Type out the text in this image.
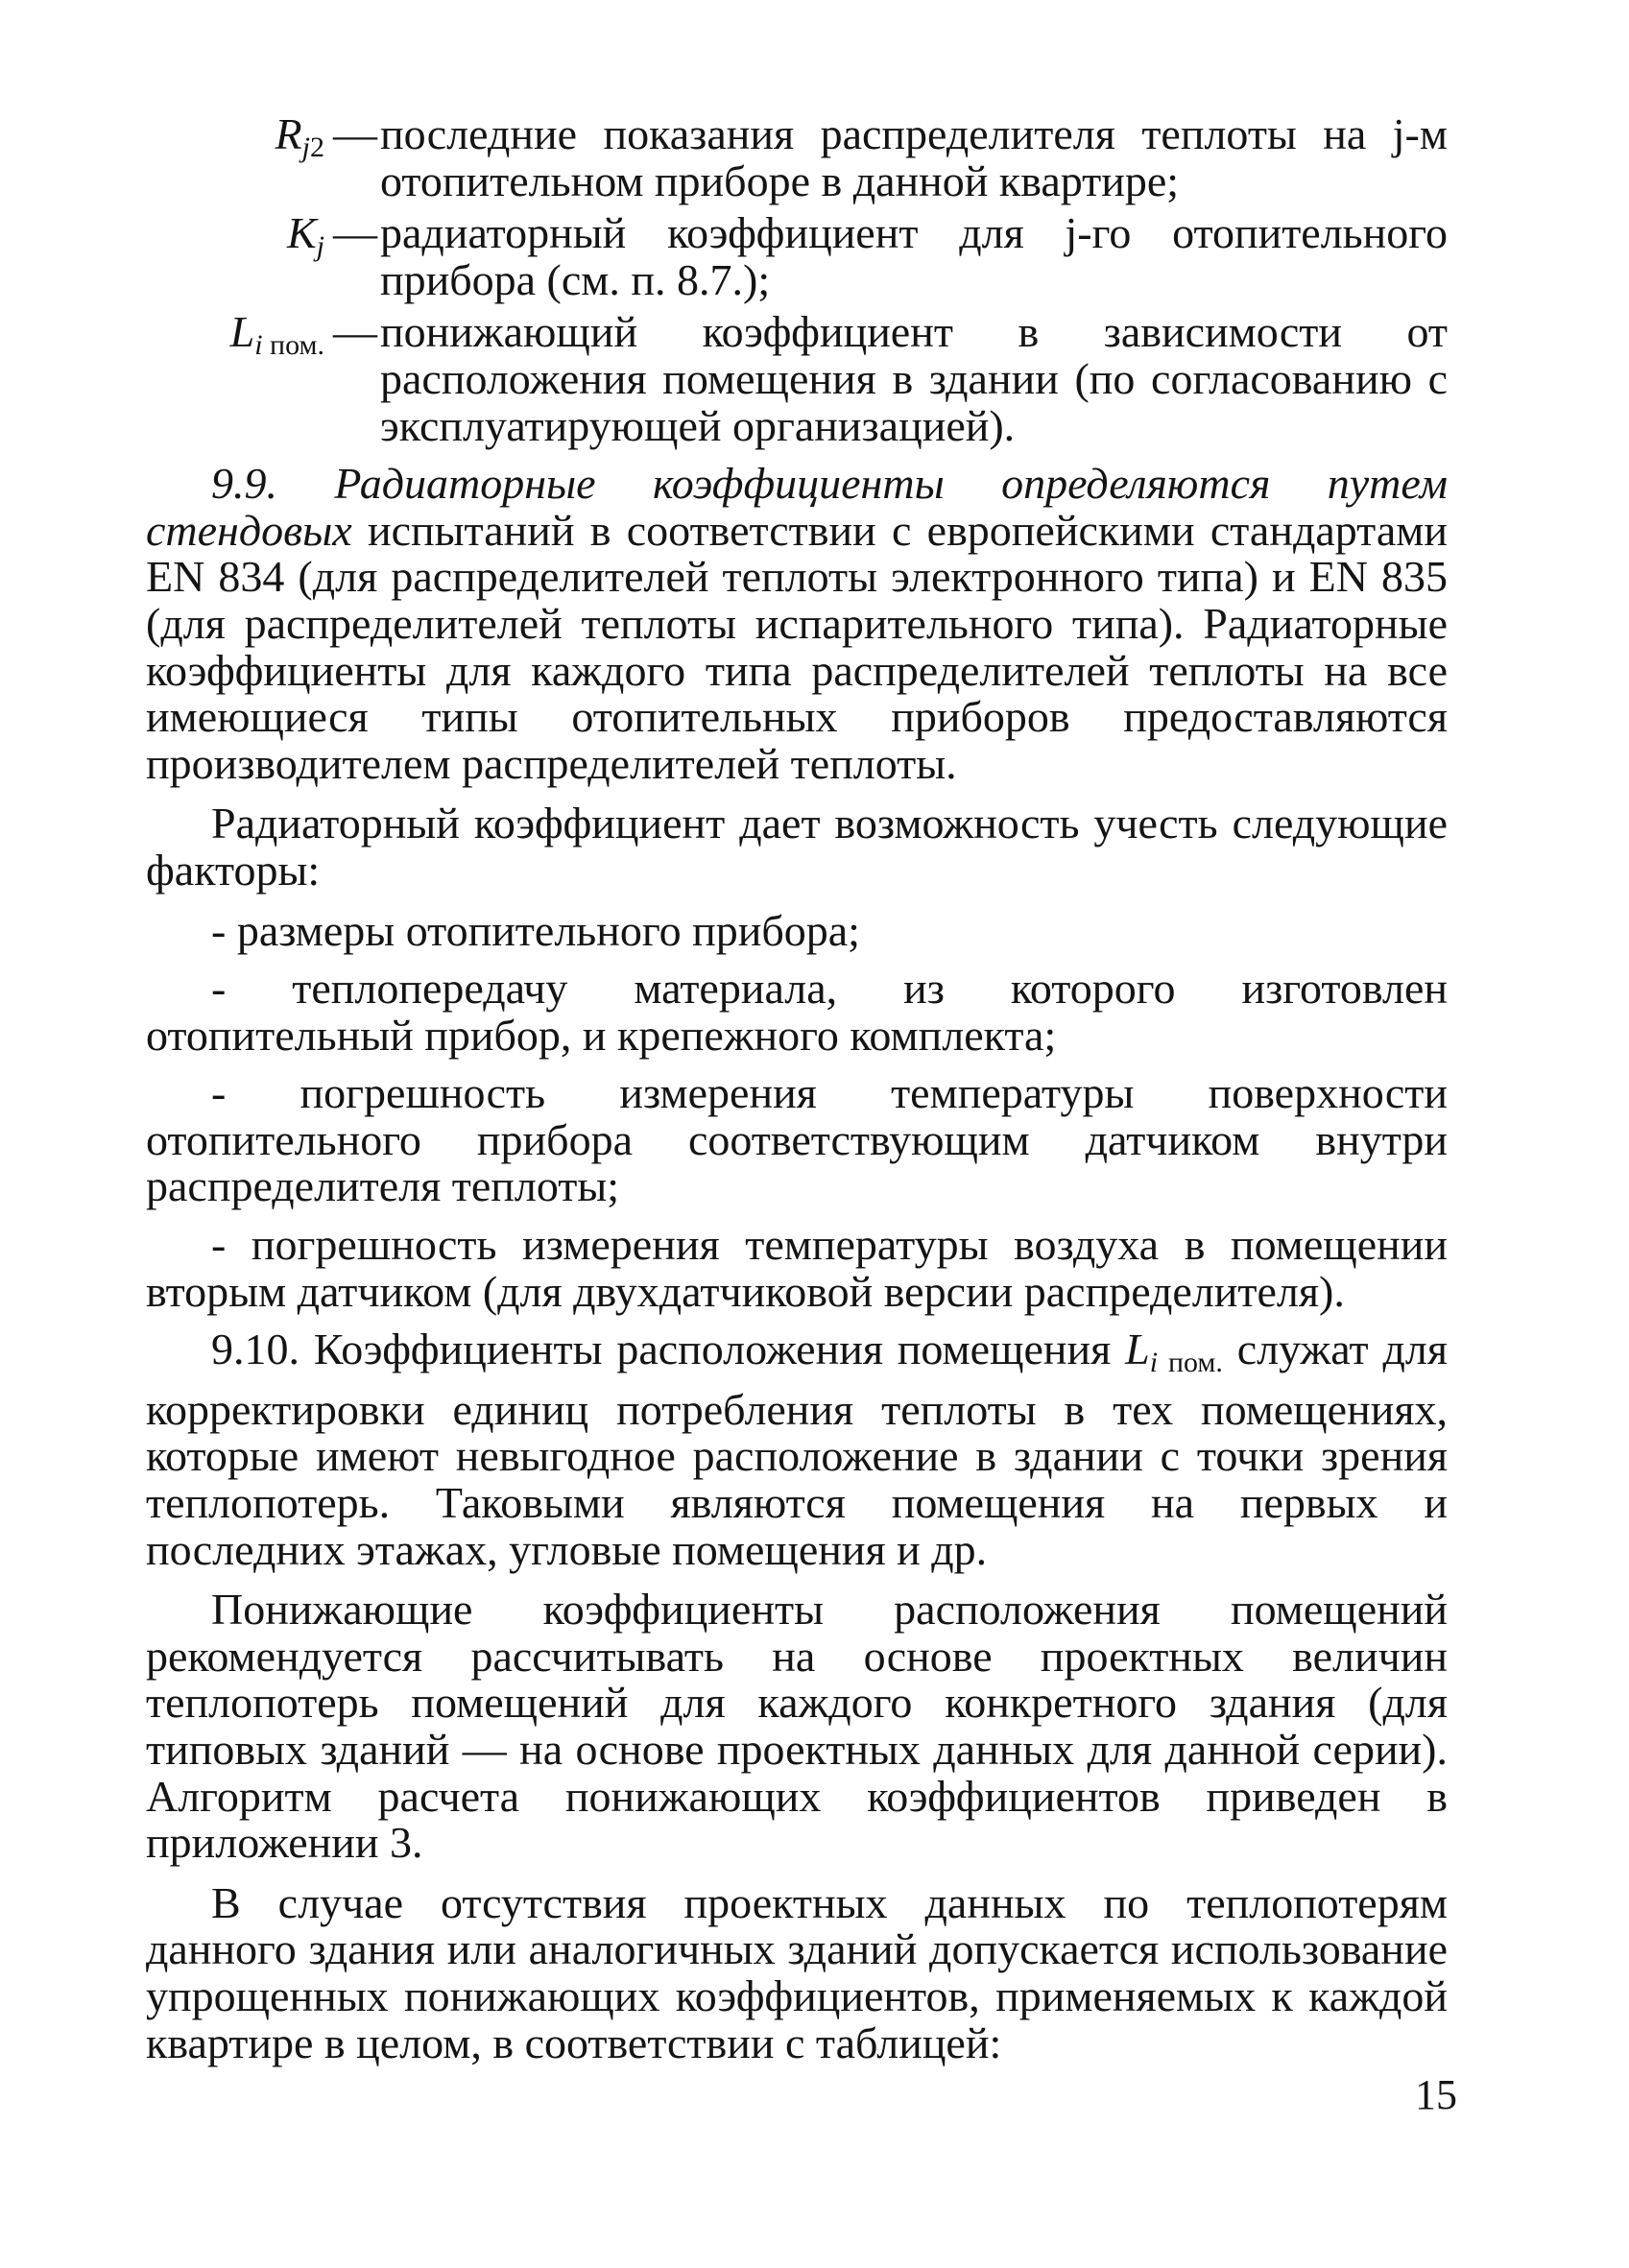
$R_{j2}$ — последние показания распределителя теплоты на j-м отопительном приборе в данной квартире;
$K_j$ — радиаторный коэффициент для j-го отопительного прибора (см. п. 8.7.);
$L_{i пом.}$ — понижающий коэффициент в зависимости от расположения помещения в здании (по согласованию с эксплуатирующей организацией).

9.9. Радиаторные коэффициенты определяются путем стендовых испытаний в соответствии с европейскими стандартами EN 834 (для распределителей теплоты электронного типа) и EN 835 (для распределителей теплоты испарительного типа). Радиаторные коэффициенты для каждого типа распределителей теплоты на все имеющиеся типы отопительных приборов предоставляются производителем распределителей теплоты.

Радиаторный коэффициент дает возможность учесть следующие факторы:

- размеры отопительного прибора;

- теплопередачу материала, из которого изготовлен отопительный прибор, и крепежного комплекта;

- погрешность измерения температуры поверхности отопительного прибора соответствующим датчиком внутри распределителя теплоты;

- погрешность измерения температуры воздуха в помещении вторым датчиком (для двухдатчиковой версии распределителя).

9.10. Коэффициенты расположения помещения Li пом. служат для корректировки единиц потребления теплоты в тех помещениях, которые имеют невыгодное расположение в здании с точки зрения теплопотерь. Таковыми являются помещения на первых и последних этажах, угловые помещения и др.

Понижающие коэффициенты расположения помещений рекомендуется рассчитывать на основе проектных величин теплопотерь помещений для каждого конкретного здания (для типовых зданий — на основе проектных данных для данной серии). Алгоритм расчета понижающих коэффициентов приведен в приложении 3.

В случае отсутствия проектных данных по теплопотерям данного здания или аналогичных зданий допускается использование упрощенных понижающих коэффициентов, применяемых к каждой квартире в целом, в соответствии с таблицей:

15
